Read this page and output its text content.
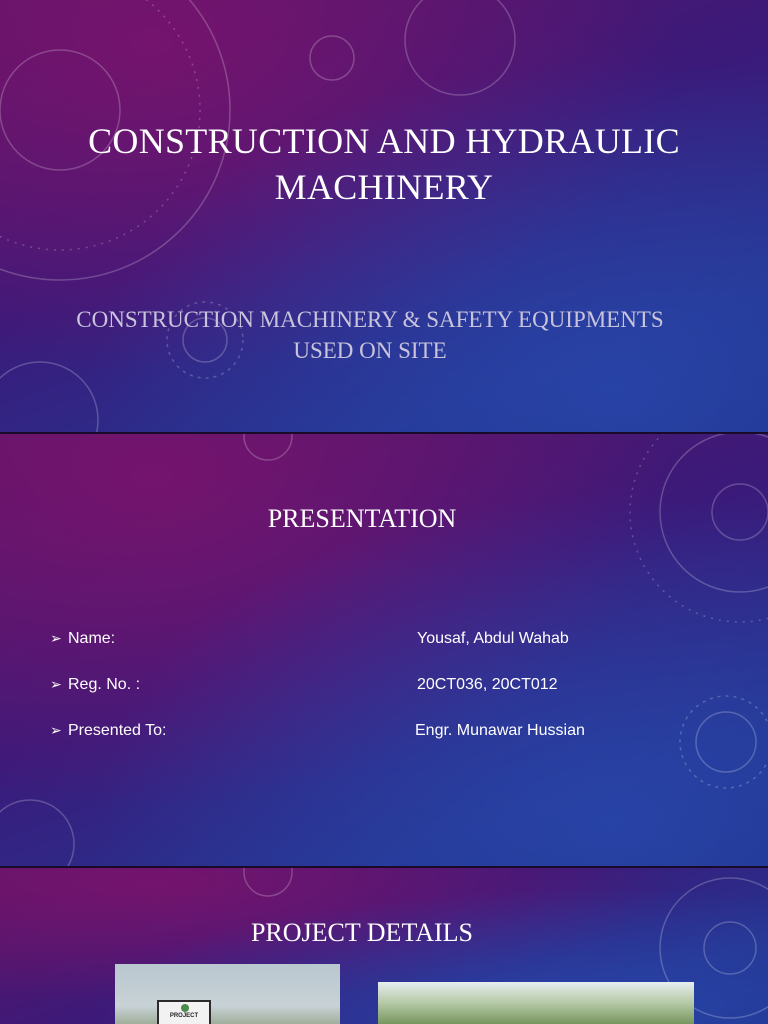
CONSTRUCTION AND HYDRAULIC MACHINERY
CONSTRUCTION MACHINERY & SAFETY EQUIPMENTS USED ON SITE
PRESENTATION
➢ Name:	Yousaf, Abdul Wahab
➢ Reg. No. :	20CT036, 20CT012
➢ Presented To:	Engr. Munawar Hussian
PROJECT DETAILS
PROJECT
